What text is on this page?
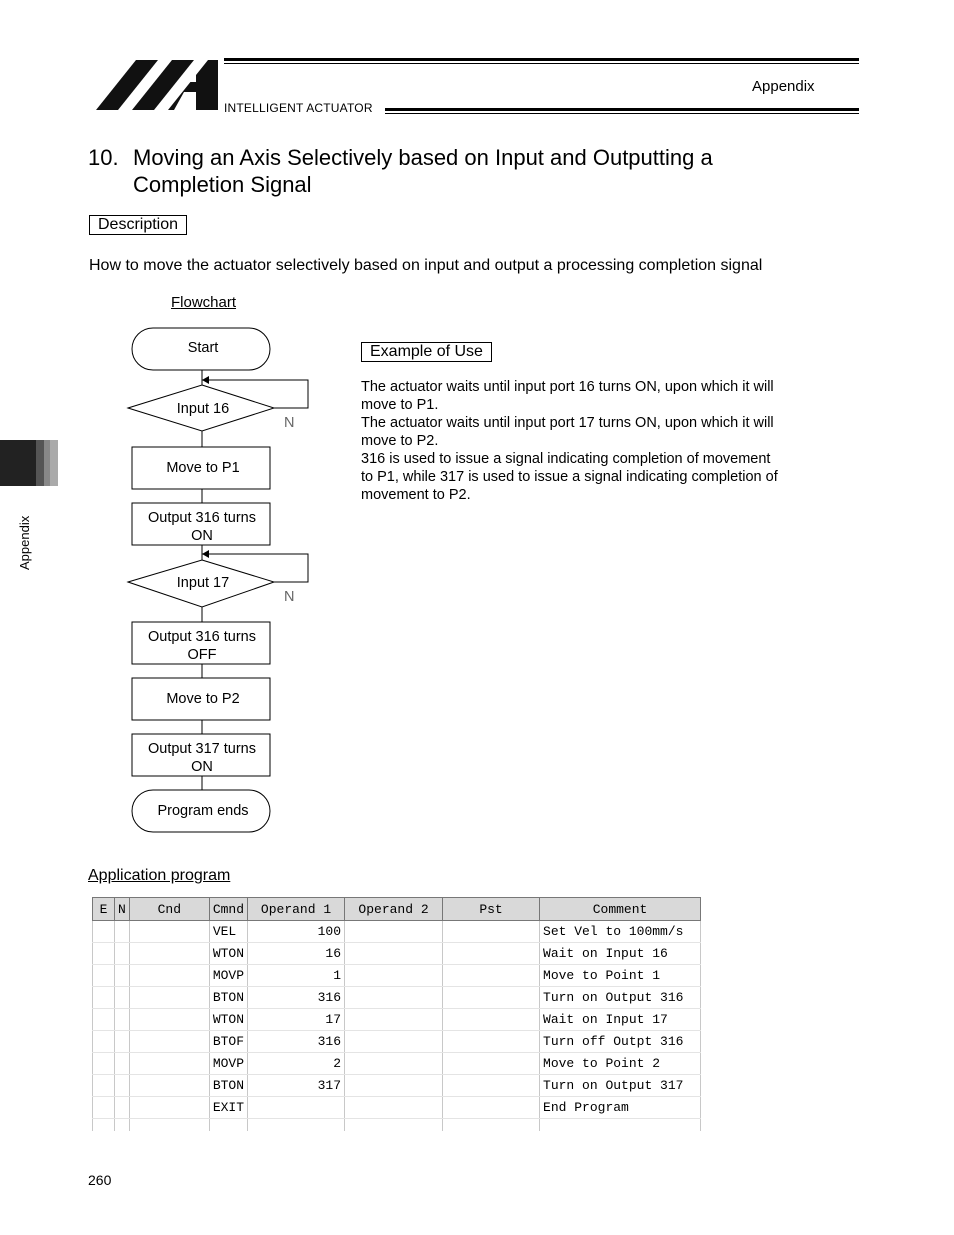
INTELLIGENT ACTUATOR
Appendix
Appendix
10. Moving an Axis Selectively based on Input and Outputting a
Completion Signal
Description
How to move the actuator selectively based on input and output a processing completion signal
Flowchart
Start
Input 16
Move to P1
Output 316 turns
ON
Input 17
Output 316 turns
OFF
Move to P2
Output 317 turns
ON
Program ends
N
N
Example of Use
The actuator waits until input port 16 turns ON, upon which it will
move to P1.
The actuator waits until input port 17 turns ON, upon which it will
move to P2.
316 is used to issue a signal indicating completion of movement
to P1, while 317 is used to issue a signal indicating completion of
movement to P2.
Application program
E	N	Cnd	Cmnd	Operand 1	Operand 2	Pst	Comment
			VEL	100			Set Vel to 100mm/s
			WTON	16			Wait on Input 16
			MOVP	1			Move to Point 1
			BTON	316			Turn on Output 316
			WTON	17			Wait on Input 17
			BTOF	316			Turn off Outpt 316
			MOVP	2			Move to Point 2
			BTON	317			Turn on Output 317
			EXIT				End Program

260
